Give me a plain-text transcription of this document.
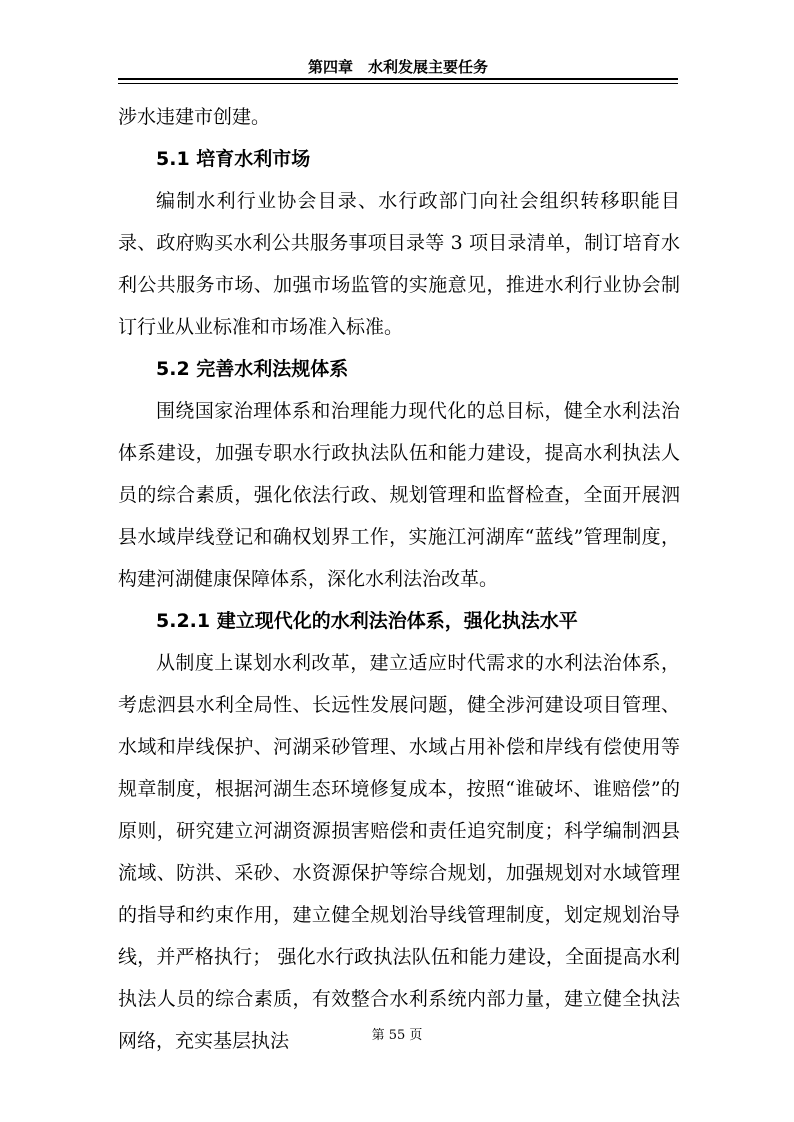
第四章　水利发展主要任务

涉水违建市创建。

5.1 培育水利市场

编制水利行业协会目录、水行政部门向社会组织转移职能目录、政府购买水利公共服务事项目录等 3 项目录清单，制订培育水利公共服务市场、加强市场监管的实施意见，推进水利行业协会制订行业从业标准和市场准入标准。

5.2 完善水利法规体系

围绕国家治理体系和治理能力现代化的总目标，健全水利法治体系建设，加强专职水行政执法队伍和能力建设，提高水利执法人员的综合素质，强化依法行政、规划管理和监督检查，全面开展泗县水域岸线登记和确权划界工作，实施江河湖库“蓝线”管理制度，构建河湖健康保障体系，深化水利法治改革。

5.2.1 建立现代化的水利法治体系，强化执法水平

从制度上谋划水利改革，建立适应时代需求的水利法治体系，考虑泗县水利全局性、长远性发展问题，健全涉河建设项目管理、水域和岸线保护、河湖采砂管理、水域占用补偿和岸线有偿使用等规章制度，根据河湖生态环境修复成本，按照“谁破坏、谁赔偿”的原则，研究建立河湖资源损害赔偿和责任追究制度；科学编制泗县流域、防洪、采砂、水资源保护等综合规划，加强规划对水域管理的指导和约束作用，建立健全规划治导线管理制度，划定规划治导线，并严格执行； 强化水行政执法队伍和能力建设，全面提高水利执法人员的综合素质，有效整合水利系统内部力量，建立健全执法网络，充实基层执法	第 55 页
